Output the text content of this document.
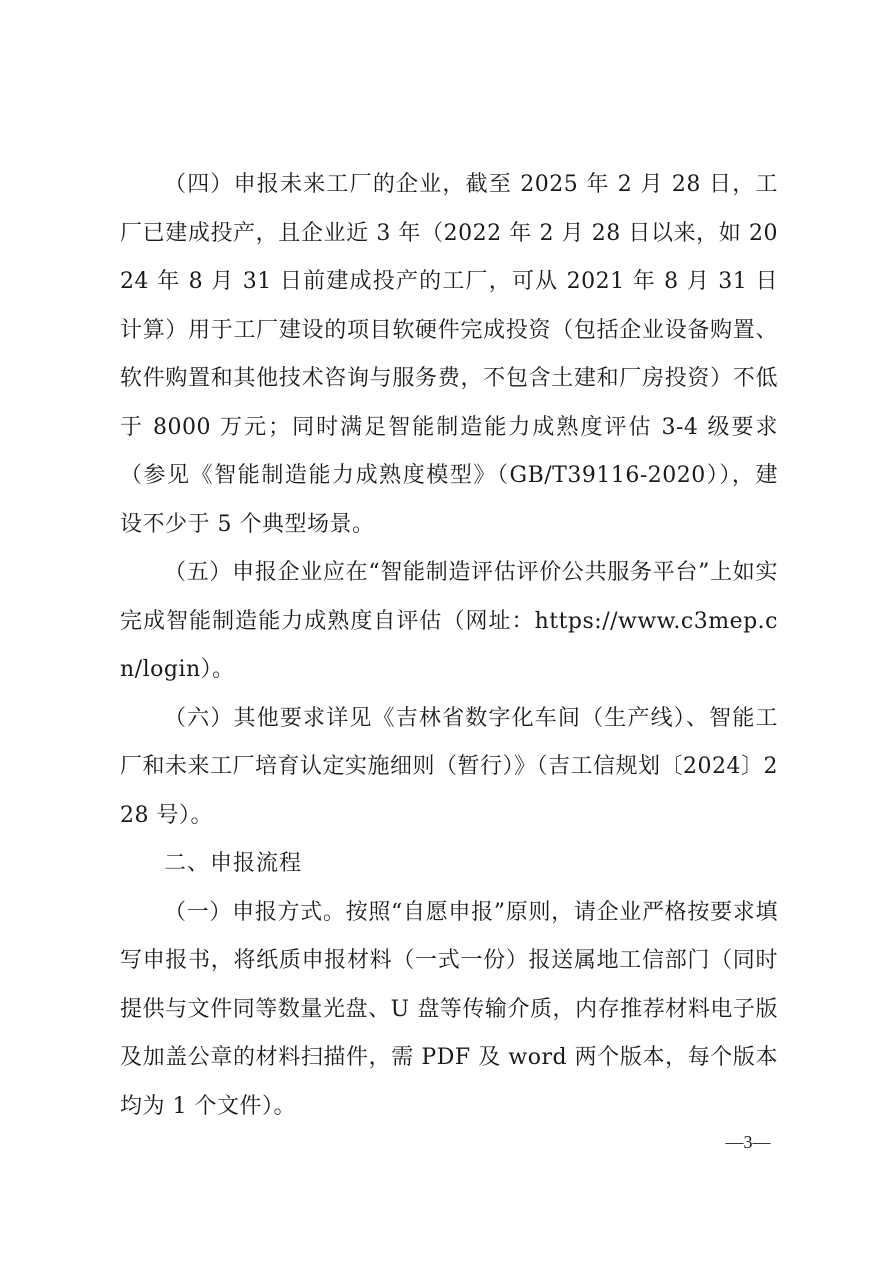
（四）申报未来工厂的企业，截至 2025 年 2 月 28 日，工厂已建成投产，且企业近 3 年（2022 年 2 月 28 日以来，如 2024 年 8 月 31 日前建成投产的工厂，可从 2021 年 8 月 31 日计算）用于工厂建设的项目软硬件完成投资（包括企业设备购置、软件购置和其他技术咨询与服务费，不包含土建和厂房投资）不低于 8000 万元；同时满足智能制造能力成熟度评估 3-4 级要求（参见《智能制造能力成熟度模型》（GB/T39116-2020）），建设不少于 5 个典型场景。

（五）申报企业应在“智能制造评估评价公共服务平台”上如实完成智能制造能力成熟度自评估（网址：https://www.c3mep.cn/login）。

（六）其他要求详见《吉林省数字化车间（生产线）、智能工厂和未来工厂培育认定实施细则（暂行）》（吉工信规划〔2024〕228 号）。

二、申报流程

（一）申报方式。按照“自愿申报”原则，请企业严格按要求填写申报书，将纸质申报材料（一式一份）报送属地工信部门（同时提供与文件同等数量光盘、U 盘等传输介质，内存推荐材料电子版及加盖公章的材料扫描件，需 PDF 及 word 两个版本，每个版本均为 1 个文件）。

—3—
